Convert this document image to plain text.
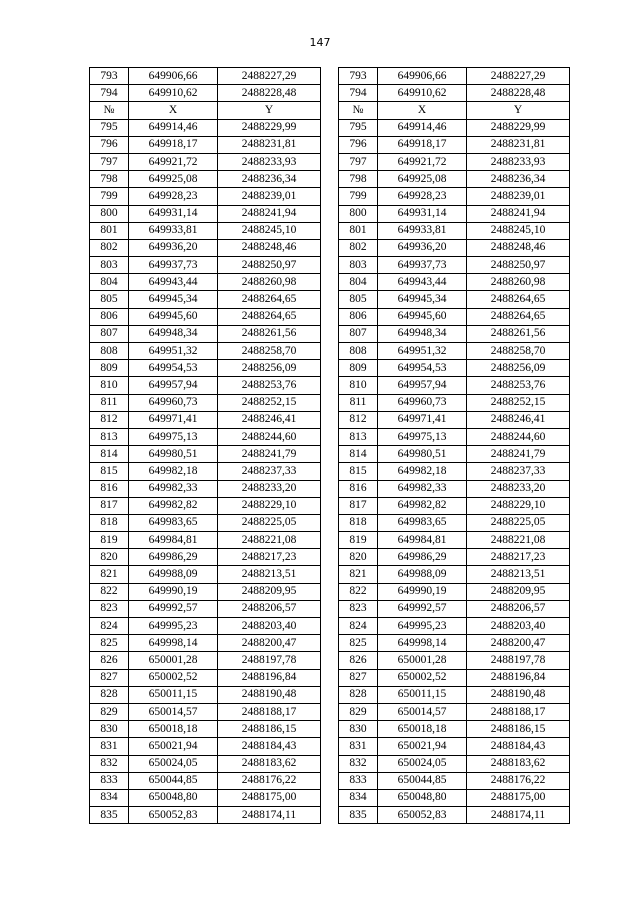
147
793	649906,66	2488227,29		793	649906,66	2488227,29
794	649910,62	2488228,48		794	649910,62	2488228,48
№	X	Y		№	X	Y
795	649914,46	2488229,99		795	649914,46	2488229,99
796	649918,17	2488231,81		796	649918,17	2488231,81
797	649921,72	2488233,93		797	649921,72	2488233,93
798	649925,08	2488236,34		798	649925,08	2488236,34
799	649928,23	2488239,01		799	649928,23	2488239,01
800	649931,14	2488241,94		800	649931,14	2488241,94
801	649933,81	2488245,10		801	649933,81	2488245,10
802	649936,20	2488248,46		802	649936,20	2488248,46
803	649937,73	2488250,97		803	649937,73	2488250,97
804	649943,44	2488260,98		804	649943,44	2488260,98
805	649945,34	2488264,65		805	649945,34	2488264,65
806	649945,60	2488264,65		806	649945,60	2488264,65
807	649948,34	2488261,56		807	649948,34	2488261,56
808	649951,32	2488258,70		808	649951,32	2488258,70
809	649954,53	2488256,09		809	649954,53	2488256,09
810	649957,94	2488253,76		810	649957,94	2488253,76
811	649960,73	2488252,15		811	649960,73	2488252,15
812	649971,41	2488246,41		812	649971,41	2488246,41
813	649975,13	2488244,60		813	649975,13	2488244,60
814	649980,51	2488241,79		814	649980,51	2488241,79
815	649982,18	2488237,33		815	649982,18	2488237,33
816	649982,33	2488233,20		816	649982,33	2488233,20
817	649982,82	2488229,10		817	649982,82	2488229,10
818	649983,65	2488225,05		818	649983,65	2488225,05
819	649984,81	2488221,08		819	649984,81	2488221,08
820	649986,29	2488217,23		820	649986,29	2488217,23
821	649988,09	2488213,51		821	649988,09	2488213,51
822	649990,19	2488209,95		822	649990,19	2488209,95
823	649992,57	2488206,57		823	649992,57	2488206,57
824	649995,23	2488203,40		824	649995,23	2488203,40
825	649998,14	2488200,47		825	649998,14	2488200,47
826	650001,28	2488197,78		826	650001,28	2488197,78
827	650002,52	2488196,84		827	650002,52	2488196,84
828	650011,15	2488190,48		828	650011,15	2488190,48
829	650014,57	2488188,17		829	650014,57	2488188,17
830	650018,18	2488186,15		830	650018,18	2488186,15
831	650021,94	2488184,43		831	650021,94	2488184,43
832	650024,05	2488183,62		832	650024,05	2488183,62
833	650044,85	2488176,22		833	650044,85	2488176,22
834	650048,80	2488175,00		834	650048,80	2488175,00
835	650052,83	2488174,11		835	650052,83	2488174,11
